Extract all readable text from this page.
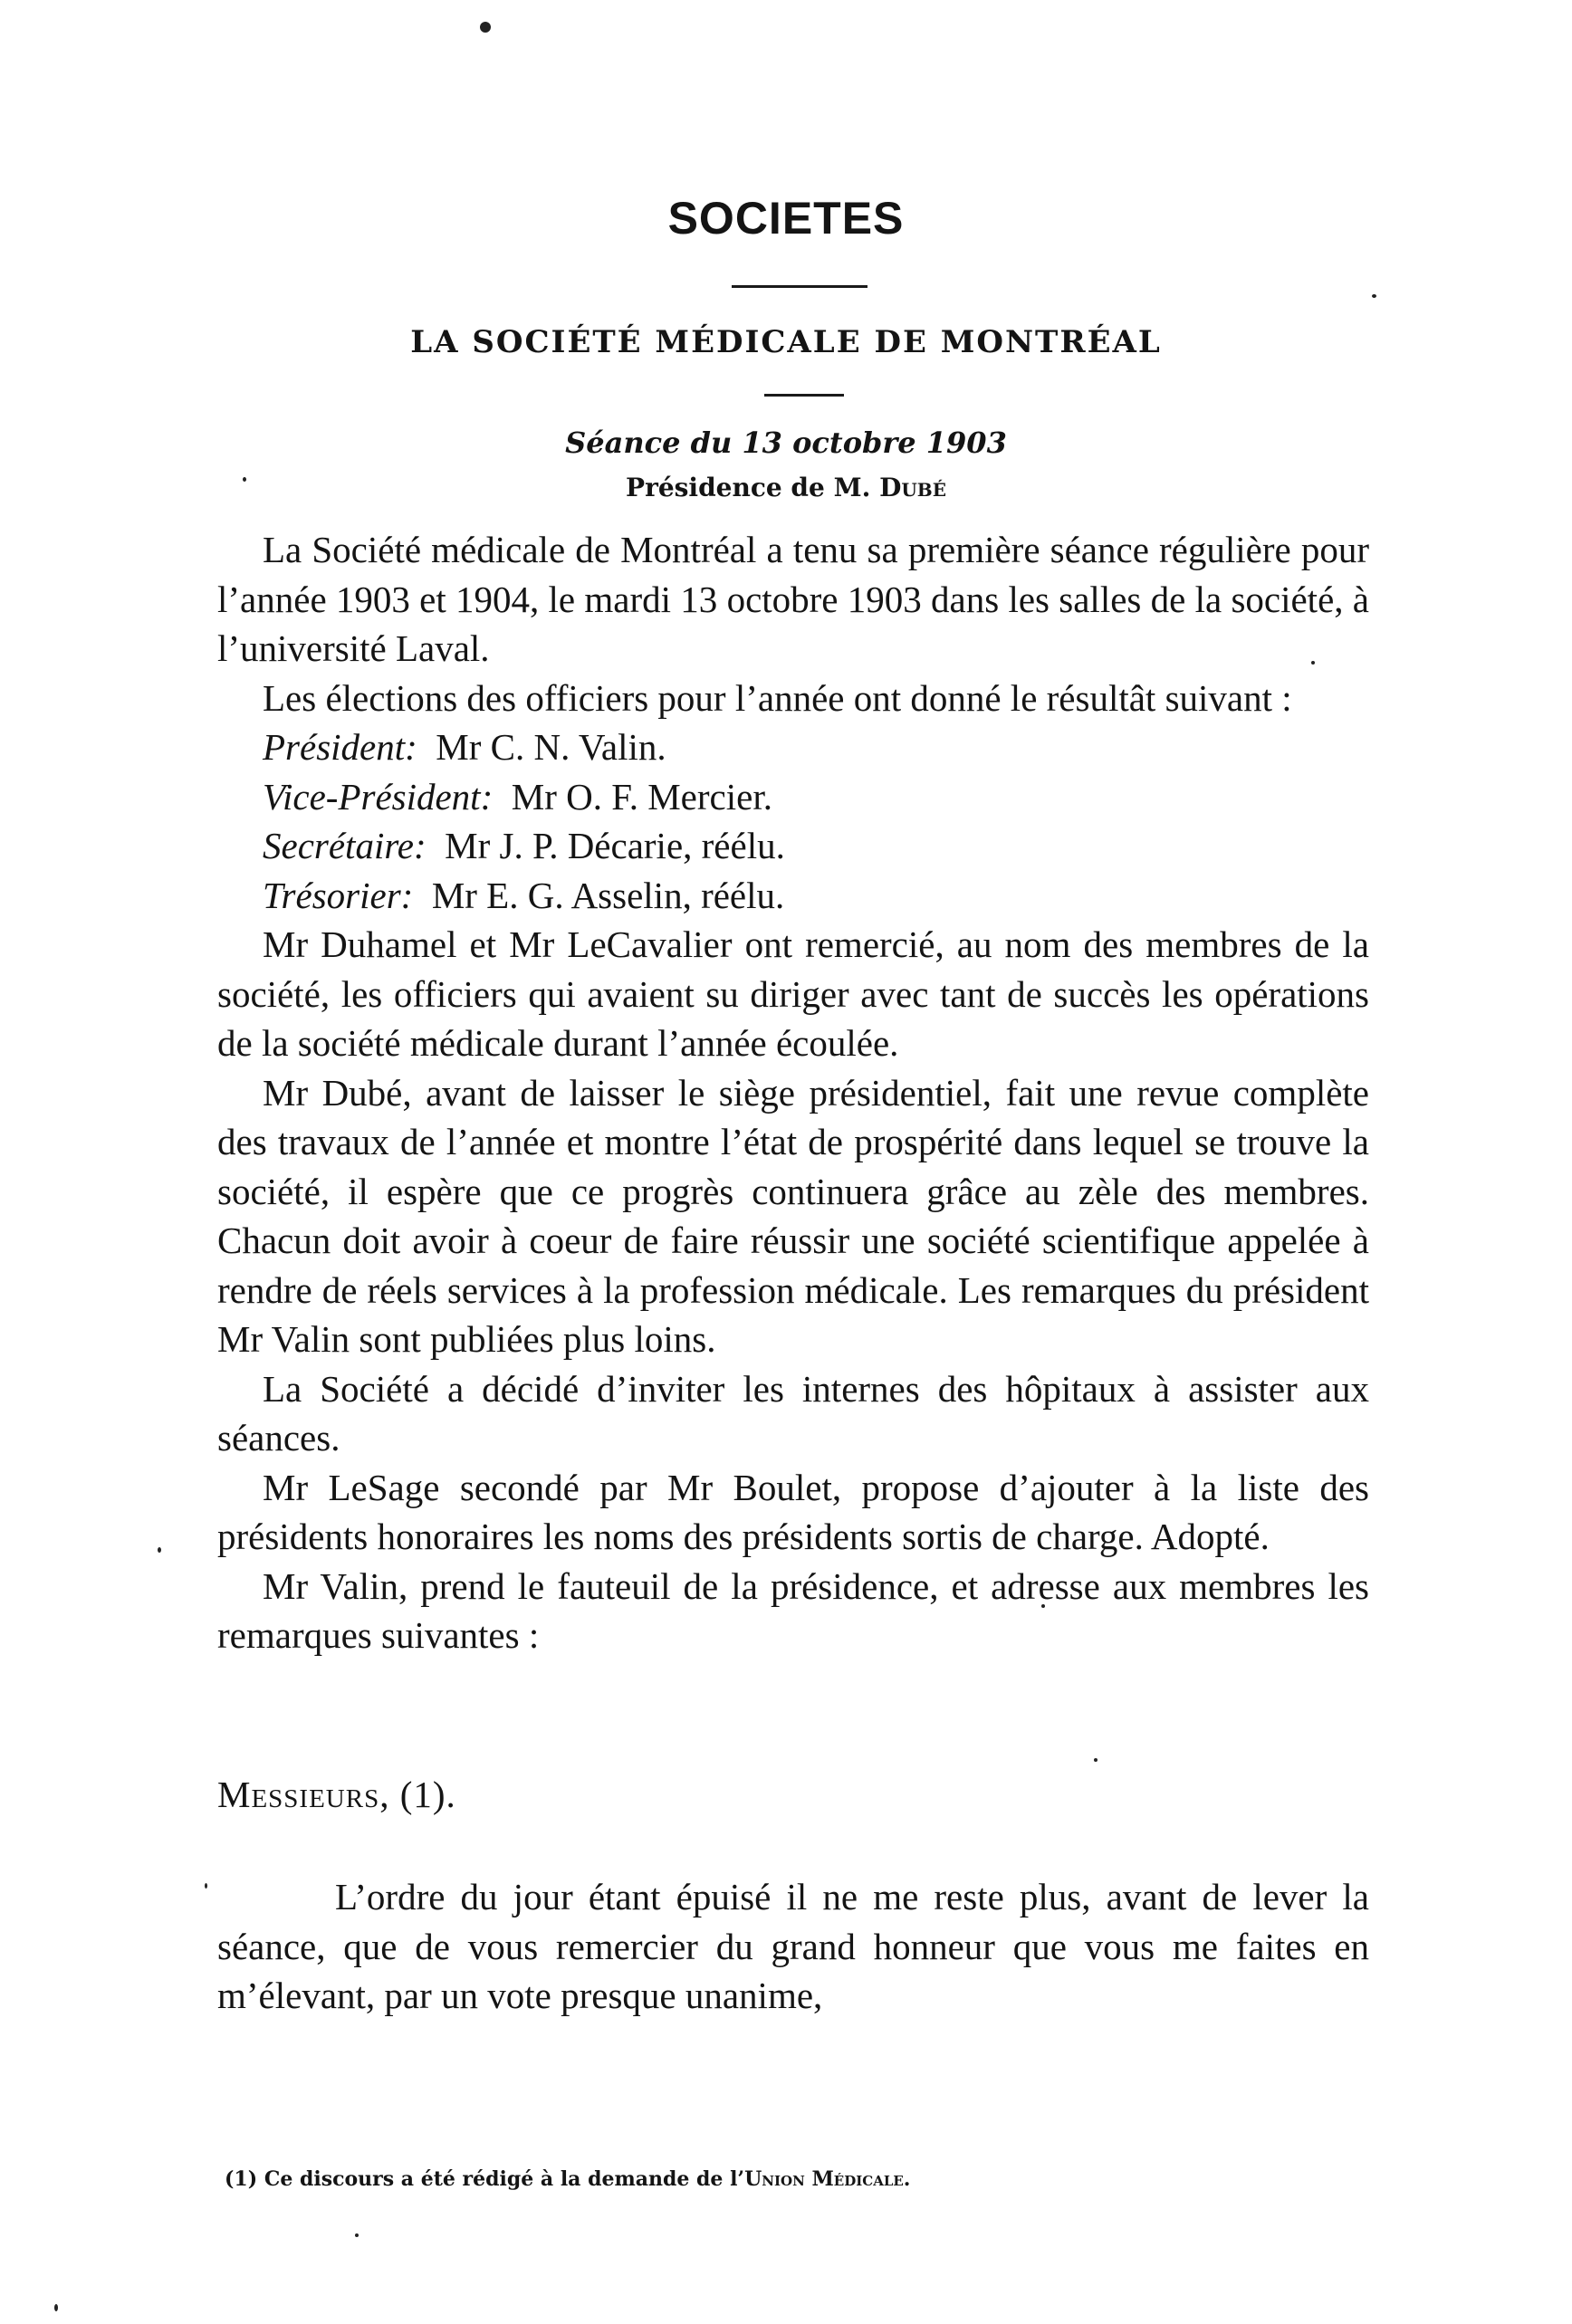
SOCIETES
LA SOCIÉTÉ MÉDICALE DE MONTRÉAL
Séance du 13 octobre 1903

Présidence de M. Dubé

La Société médicale de Montréal a tenu sa première séance régulière pour l’année 1903 et 1904, le mardi 13 octobre 1903 dans les salles de la société, à l’université Laval.

Les élections des officiers pour l’année ont donné le résultât suivant :

Président: Mr C. N. Valin.
Vice-Président: Mr O. F. Mercier.
Secrétaire: Mr J. P. Décarie, réélu.
Trésorier: Mr E. G. Asselin, réélu.

Mr Duhamel et Mr LeCavalier ont remercié, au nom des membres de la société, les officiers qui avaient su diriger avec tant de succès les opérations de la société médicale durant l’année écoulée.

Mr Dubé, avant de laisser le siège présidentiel, fait une revue complète des travaux de l’année et montre l’état de prospérité dans lequel se trouve la société, il espère que ce progrès continuera grâce au zèle des membres. Chacun doit avoir à coeur de faire réussir une société scientifique appelée à rendre de réels services à la profession médicale. Les remarques du président Mr Valin sont publiées plus loins.

La Société a décidé d’inviter les internes des hôpitaux à assister aux séances.

Mr LeSage secondé par Mr Boulet, propose d’ajouter à la liste des présidents honoraires les noms des présidents sortis de charge. Adopté.

Mr Valin, prend le fauteuil de la présidence, et adresse aux membres les remarques suivantes :

Messieurs, (1).

L’ordre du jour étant épuisé il ne me reste plus, avant de lever la séance, que de vous remercier du grand honneur que vous me faites en m’élevant, par un vote presque unanime,

(1) Ce discours a été rédigé à la demande de l’Union Médicale.
